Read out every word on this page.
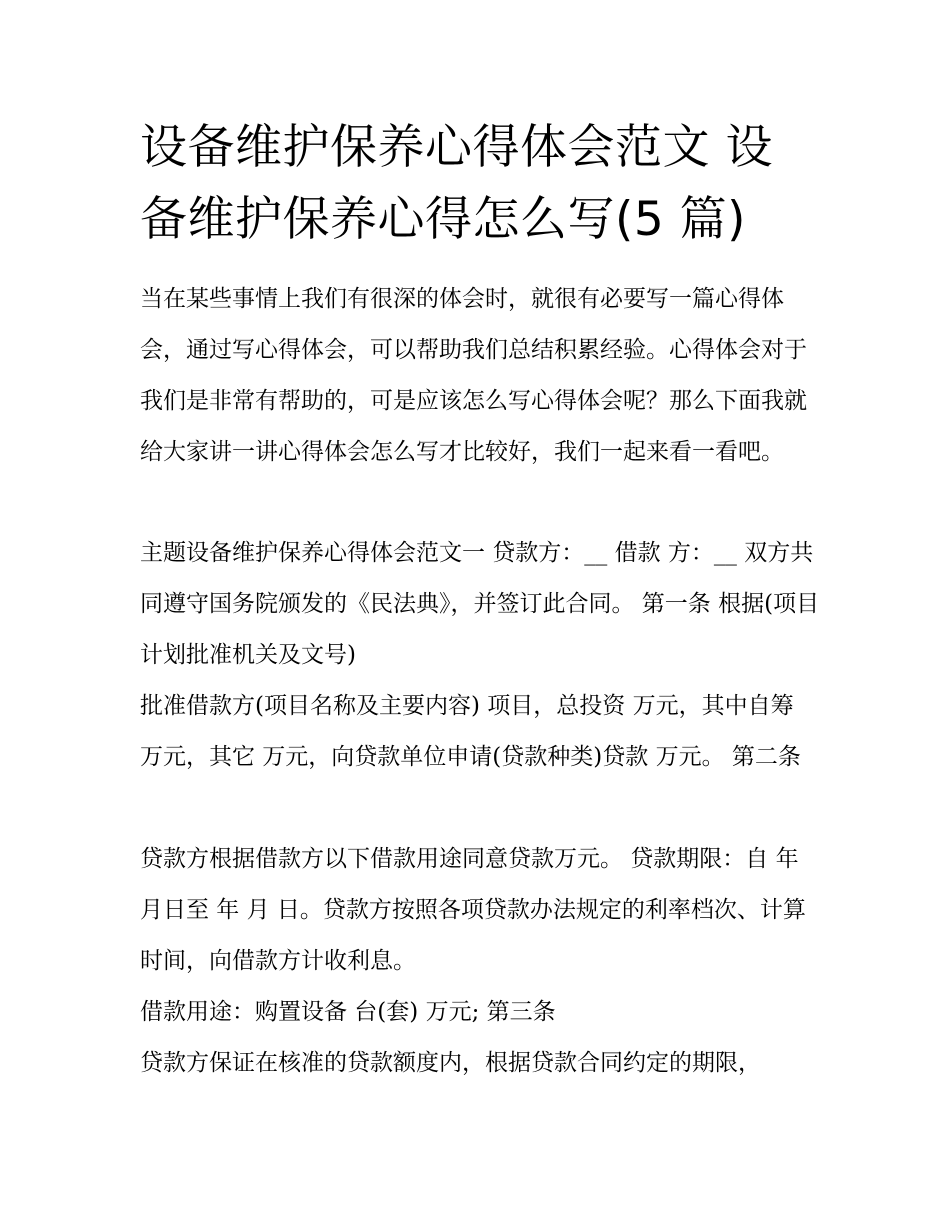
设备维护保养心得体会范文 设备维护保养心得怎么写(5 篇)

当在某些事情上我们有很深的体会时，就很有必要写一篇心得体会，通过写心得体会，可以帮助我们总结积累经验。心得体会对于我们是非常有帮助的，可是应该怎么写心得体会呢？那么下面我就给大家讲一讲心得体会怎么写才比较好，我们一起来看一看吧。

主题设备维护保养心得体会范文一 贷款方：__ 借款 方：__ 双方共同遵守国务院颁发的《民法典》，并签订此合同。 第一条 根据(项目计划批准机关及文号)

批准借款方(项目名称及主要内容) 项目，总投资 万元，其中自筹 万元，其它 万元，向贷款单位申请(贷款种类)贷款 万元。 第二条

贷款方根据借款方以下借款用途同意贷款万元。 贷款期限：自 年 月日至 年 月 日。贷款方按照各项贷款办法规定的利率档次、计算时间，向借款方计收利息。

借款用途：购置设备 台(套) 万元; 第三条

贷款方保证在核准的贷款额度内，根据贷款合同约定的期限，
